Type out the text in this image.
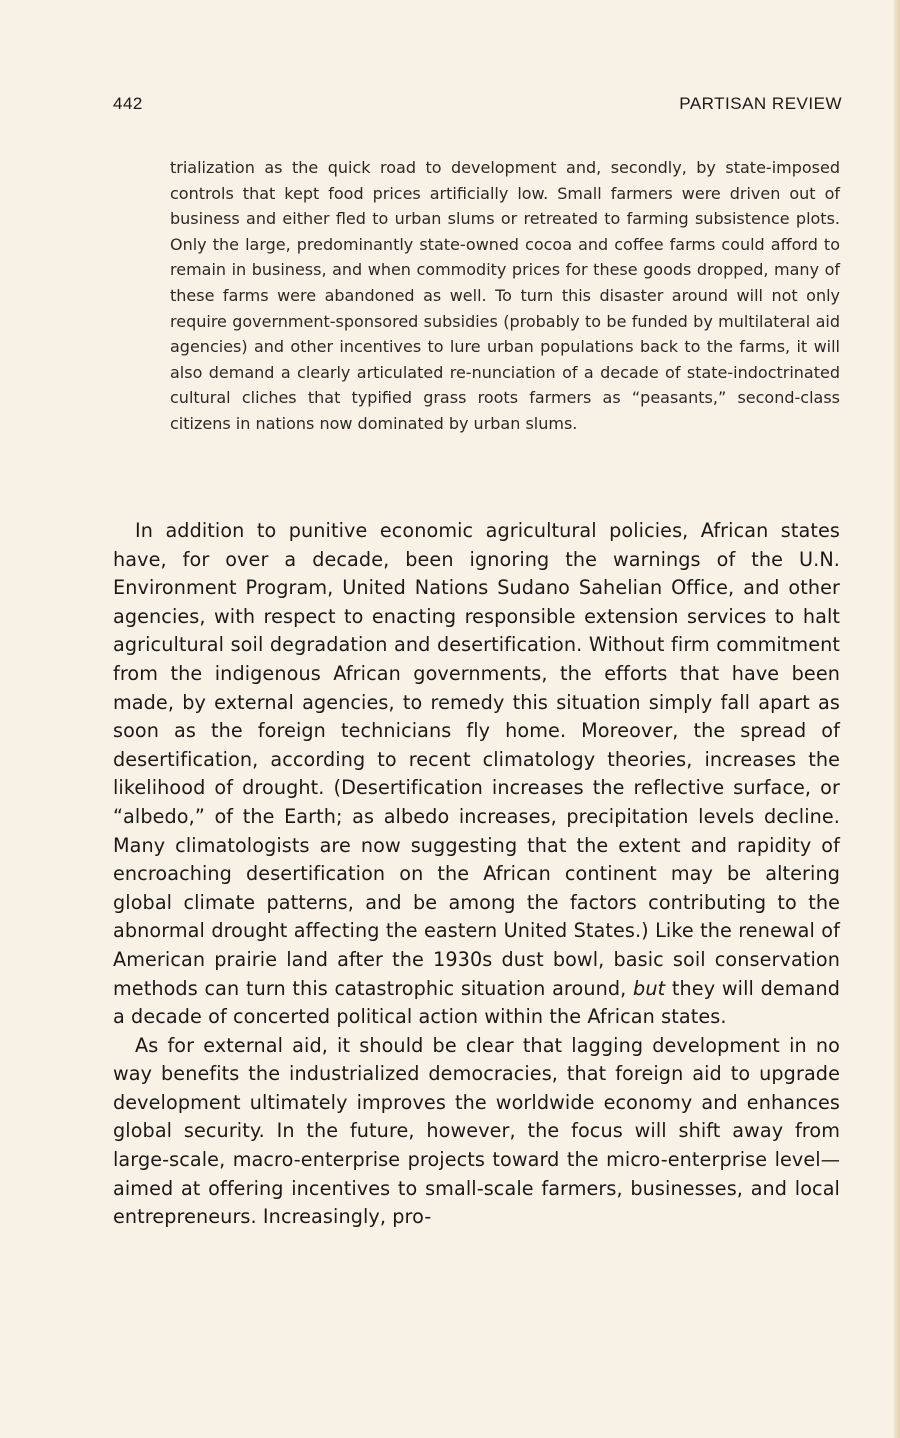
442	PARTISAN REVIEW

trialization as the quick road to development and, secondly, by state-imposed controls that kept food prices artificially low. Small farmers were driven out of business and either fled to urban slums or retreated to farming subsistence plots. Only the large, predominantly state-owned cocoa and coffee farms could afford to remain in business, and when commodity prices for these goods dropped, many of these farms were abandoned as well. To turn this disaster around will not only require government-sponsored subsidies (probably to be funded by multilateral aid agencies) and other incentives to lure urban populations back to the farms, it will also demand a clearly articulated re-nunciation of a decade of state-indoctrinated cultural cliches that typified grass roots farmers as “peasants,” second-class citizens in nations now dominated by urban slums.

In addition to punitive economic agricultural policies, African states have, for over a decade, been ignoring the warnings of the U.N. Environment Program, United Nations Sudano Sahelian Office, and other agencies, with respect to enacting responsible extension services to halt agricultural soil degradation and desertification. Without firm commitment from the indigenous African governments, the efforts that have been made, by external agencies, to remedy this situation simply fall apart as soon as the foreign technicians fly home. Moreover, the spread of desertification, according to recent climatology theories, increases the likelihood of drought. (Desertification increases the reflective surface, or “albedo,” of the Earth; as albedo increases, precipitation levels decline. Many climatologists are now suggesting that the extent and rapidity of encroaching desertification on the African continent may be altering global climate patterns, and be among the factors contributing to the abnormal drought affecting the eastern United States.) Like the renewal of American prairie land after the 1930s dust bowl, basic soil conservation methods can turn this catastrophic situation around, but they will demand a decade of concerted political action within the African states.

As for external aid, it should be clear that lagging development in no way benefits the industrialized democracies, that foreign aid to upgrade development ultimately improves the worldwide economy and enhances global security. In the future, however, the focus will shift away from large-scale, macro-enterprise projects toward the micro-enterprise level—aimed at offering incentives to small-scale farmers, businesses, and local entrepreneurs. Increasingly, pro-
